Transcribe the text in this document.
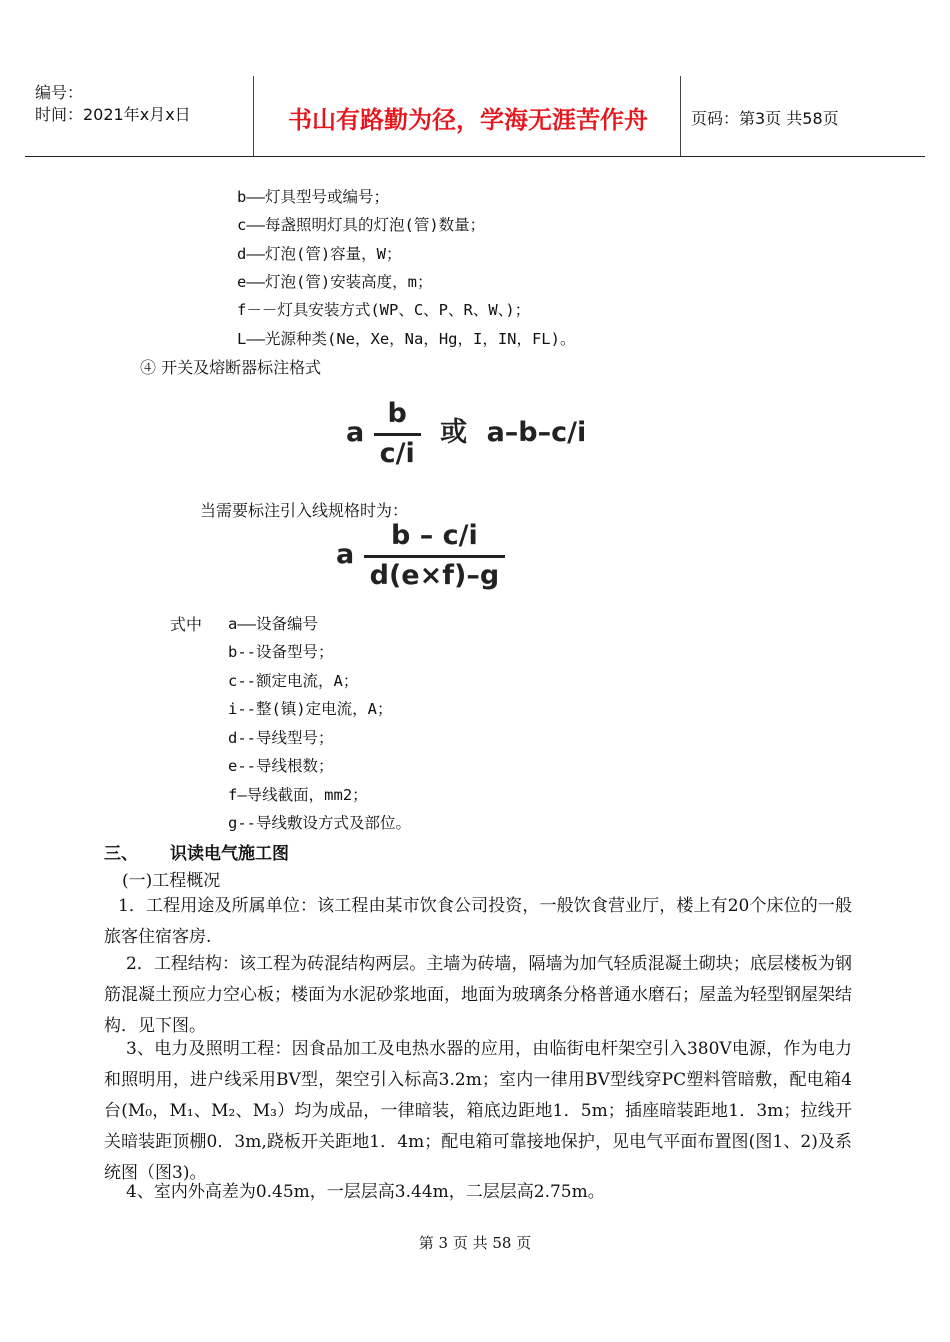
编号：
时间：2021年x月x日	书山有路勤为径，学海无涯苦作舟	页码：第3页 共58页
b——灯具型号或编号；
c——每盏照明灯具的灯泡(管)数量；
d——灯泡(管)容量，W；
e——灯泡(管)安装高度，m；
f－－灯具安装方式(WP、C、P、R、W、)；
L——光源种类(Ne，Xe，Na，Hg，I，IN，FL)。
④ 开关及熔断器标注格式
a $\frac{b}{c/i}$ 或 a–b–c/i
当需要标注引入线规格时为：
a $\frac{b - c/i}{d(e\times f)-g}$
式中 a——设备编号
b--设备型号；
c--额定电流，A；
i--整(镇)定电流，A；
d--导线型号；
e--导线根数；
f—导线截面，mm2；
g--导线敷设方式及部位。
三、 识读电气施工图
(一)工程概况
1．工程用途及所属单位：该工程由某市饮食公司投资，一般饮食营业厅，楼上有20个床位的一般旅客住宿客房.
2．工程结构：该工程为砖混结构两层。主墙为砖墙，隔墙为加气轻质混凝土砌块；底层楼板为钢筋混凝土预应力空心板；楼面为水泥砂浆地面，地面为玻璃条分格普通水磨石；屋盖为轻型钢屋架结构．见下图。
3、电力及照明工程：因食品加工及电热水器的应用，由临街电杆架空引入380V电源，作为电力和照明用，进户线采用BV型，架空引入标高3.2m；室内一律用BV型线穿PC塑料管暗敷，配电箱4台(M₀，M₁、M₂、M₃）均为成品，一律暗装，箱底边距地1．5m；插座暗装距地1．3m；拉线开关暗装距顶棚0．3m,跷板开关距地1．4m；配电箱可靠接地保护，见电气平面布置图(图1、2)及系统图（图3)。
4、室内外高差为0.45m，一层层高3.44m，二层层高2.75m。
第 3 页 共 58 页
